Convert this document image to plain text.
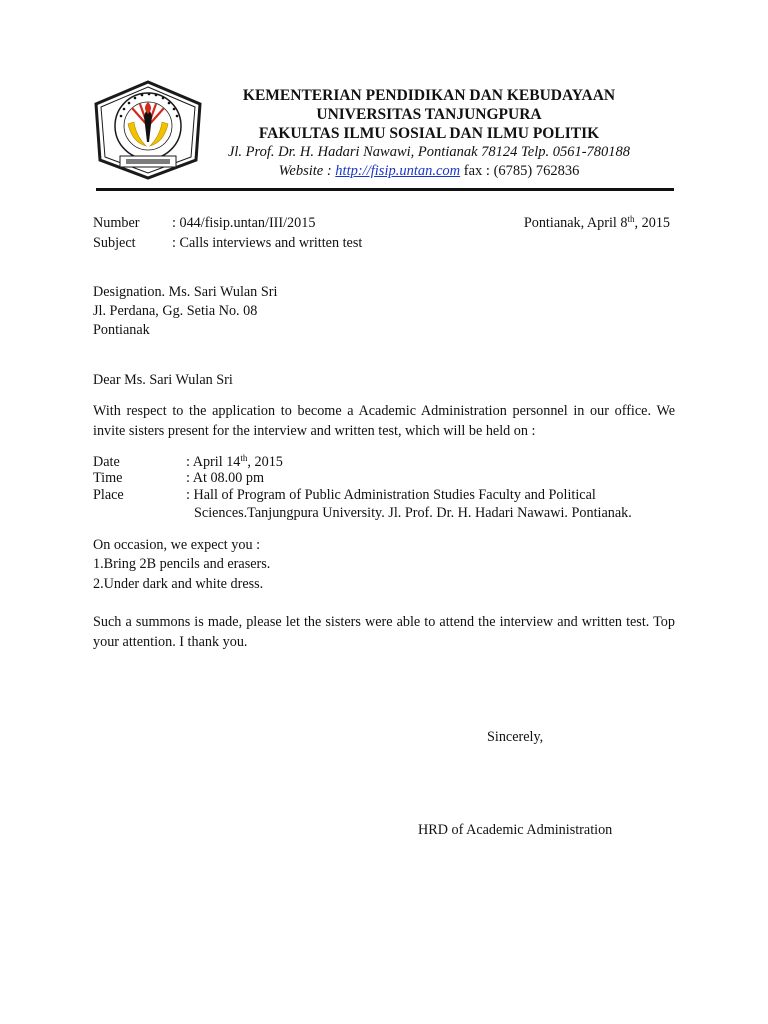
KEMENTERIAN PENDIDIKAN DAN KEBUDAYAAN
UNIVERSITAS TANJUNGPURA
FAKULTAS ILMU SOSIAL DAN ILMU POLITIK
Jl. Prof. Dr. H. Hadari Nawawi, Pontianak 78124 Telp. 0561-780188
Website : http://fisip.untan.com fax : (6785) 762836
Number : 044/fisip.untan/III/2015	Pontianak, April 8th, 2015
Subject	: Calls interviews and written test
Designation. Ms. Sari Wulan Sri
Jl. Perdana, Gg. Setia No. 08
Pontianak
Dear Ms. Sari Wulan Sri
With respect to the application to become a Academic Administration personnel in our office. We invite sisters present for the interview and written test, which will be held on :
Date	: April 14th, 2015
Time	: At 08.00 pm
Place	: Hall of Program of Public Administration Studies Faculty and Political
Sciences.Tanjungpura University. Jl. Prof. Dr. H. Hadari Nawawi. Pontianak.
On occasion, we expect you :
1.Bring 2B pencils and erasers.
2.Under dark and white dress.
Such a summons is made, please let the sisters were able to attend the interview and written test. Top your attention. I thank you.
Sincerely,
HRD of Academic Administration
